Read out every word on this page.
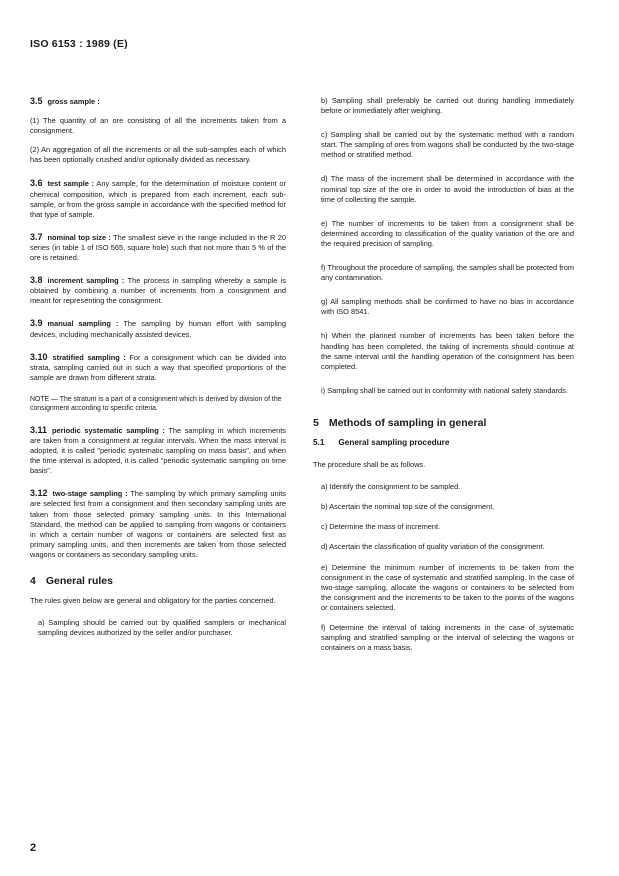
ISO 6153 : 1989 (E)
3.5 gross sample :
(1) The quantity of an ore consisting of all the increments taken from a consignment.
(2) An aggregation of all the increments or all the sub-samples each of which has been optionally crushed and/or optionally divided as necessary.
3.6 test sample : Any sample, for the determination of moisture content or chemical composition, which is prepared from each increment, each sub-sample, or from the gross sample in accordance with the specified method for that type of sample.
3.7 nominal top size : The smallest sieve in the range included in the R 20 series (in table 1 of ISO 565, square hole) such that not more than 5 % of the ore is retained.
3.8 increment sampling : The process in sampling whereby a sample is obtained by combining a number of increments from a consignment and meant for representing the consignment.
3.9 manual sampling : The sampling by human effort with sampling devices, including mechanically assisted devices.
3.10 stratified sampling : For a consignment which can be divided into strata, sampling carried out in such a way that specified proportions of the sample are drawn from different strata.
NOTE — The stratum is a part of a consignment which is derived by division of the consignment according to specific criteria.
3.11 periodic systematic sampling : The sampling in which increments are taken from a consignment at regular intervals. When the mass interval is adopted, it is called "periodic systematic sampling on mass basis", and when the time interval is adopted, it is called "periodic systematic sampling on time basis".
3.12 two-stage sampling : The sampling by which primary sampling units are selected first from a consignment and then secondary sampling units are taken from those selected primary sampling units. In this International Standard, the method can be applied to sampling from wagons or containers in which a certain number of wagons or containers are selected first as primary sampling units, and then increments are taken from those selected wagons or containers as secondary sampling units.
4 General rules
The rules given below are general and obligatory for the parties concerned.
a) Sampling should be carried out by qualified samplers or mechanical sampling devices authorized by the seller and/or purchaser.
b) Sampling shall preferably be carried out during handling immediately before or immediately after weighing.
c) Sampling shall be carried out by the systematic method with a random start. The sampling of ores from wagons shall be conducted by the two-stage method or stratified method.
d) The mass of the increment shall be determined in accordance with the nominal top size of the ore in order to avoid the introduction of bias at the time of collecting the sample.
e) The number of increments to be taken from a consignment shall be determined according to classification of the quality variation of the ore and the required precision of sampling.
f) Throughout the procedure of sampling, the samples shall be protected from any contamination.
g) All sampling methods shall be confirmed to have no bias in accordance with ISO 8541.
h) When the planned number of increments has been taken before the handling has been completed, the taking of increments should continue at the same interval until the handling operation of the consignment has been completed.
i) Sampling shall be carried out in conformity with national safety standards.
5 Methods of sampling in general
5.1 General sampling procedure
The procedure shall be as follows.
a) Identify the consignment to be sampled.
b) Ascertain the nominal top size of the consignment.
c) Determine the mass of increment.
d) Ascertain the classification of quality variation of the consignment.
e) Determine the minimum number of increments to be taken from the consignment in the case of systematic and stratified sampling. In the case of two-stage sampling, allocate the wagons or containers to be selected from the consignment and the increments to be taken to the points of the wagons or containers selected.
f) Determine the interval of taking increments in the case of systematic sampling and stratified sampling or the interval of selecting the wagons or containers on a mass basis.
2
